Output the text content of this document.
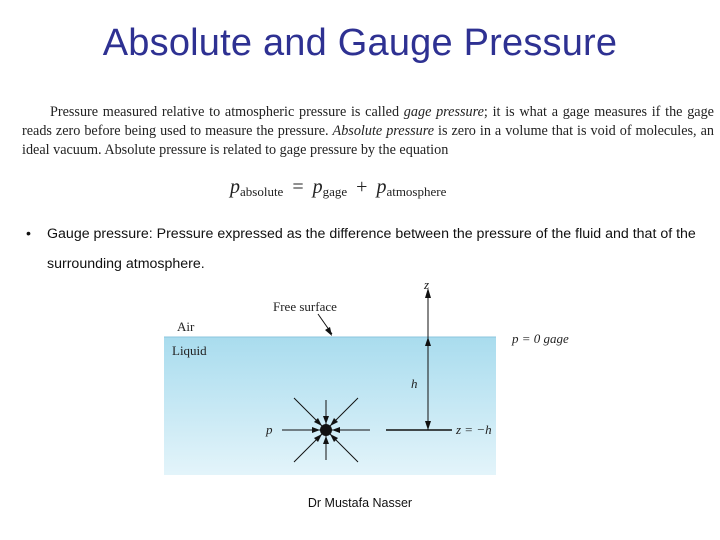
Absolute and Gauge Pressure
Pressure measured relative to atmospheric pressure is called gage pressure; it is what a gage measures if the gage reads zero before being used to measure the pressure. Absolute pressure is zero in a volume that is void of molecules, an ideal vacuum. Absolute pressure is related to gage pressure by the equation
$p_{absolute} = p_{gage} + p_{atmosphere}$
• Gauge pressure: Pressure expressed as the difference between the pressure of the fluid and that of the surrounding atmosphere.
Free surface
Air
Liquid
z
p = 0 gage
h
p	z = −h
Dr Mustafa Nasser
